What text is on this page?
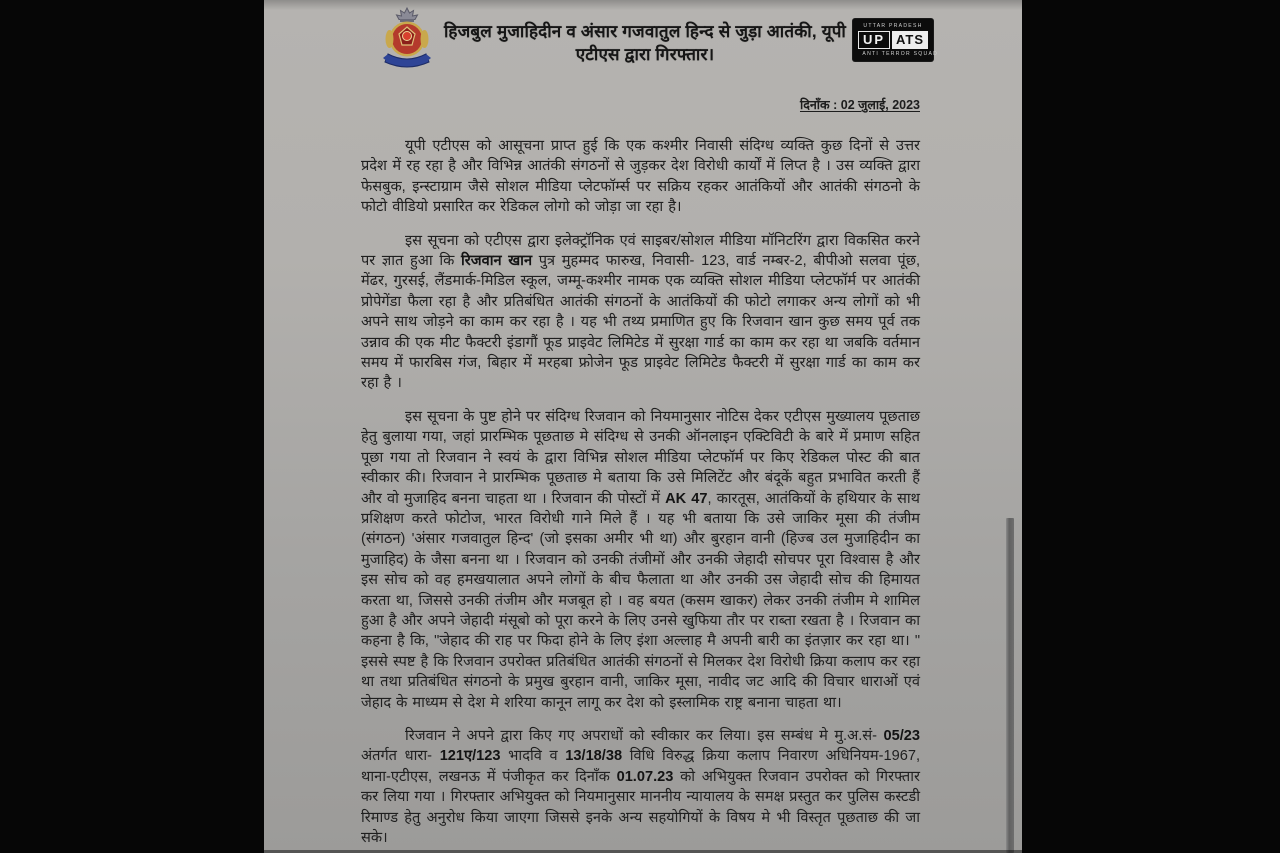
हिजबुल मुजाहिदीन व अंसार गजवातुल हिन्द से जुड़ा आतंकी, यूपी
एटीएस द्वारा गिरफ्तार।
UTTAR PRADESH
UP ATS
ANTI TERROR SQUAD
दिनाँक : 02 जुलाई, 2023

यूपी एटीएस को आसूचना प्राप्त हुई कि एक कश्मीर निवासी संदिग्ध व्यक्ति कुछ दिनों से उत्तर प्रदेश में रह रहा है और विभिन्न आतंकी संगठनों से जुड़कर देश विरोधी कार्यों में लिप्त है । उस व्यक्ति द्वारा फेसबुक, इन्स्टाग्राम जैसे सोशल मीडिया प्लेटफॉर्म्स पर सक्रिय रहकर आतंकियों और आतंकी संगठनो के फोटो वीडियो प्रसारित कर रेडिकल लोगो को जोड़ा जा रहा है।

इस सूचना को एटीएस द्वारा इलेक्ट्रॉनिक एवं साइबर/सोशल मीडिया मॉनिटरिंग द्वारा विकसित करने पर ज्ञात हुआ कि रिजवान खान पुत्र मुहम्मद फारुख, निवासी- 123, वार्ड नम्बर-2, बीपीओ सलवा पूंछ, मेंढर, गुरसई, लैंडमार्क-मिडिल स्कूल, जम्मू-कश्मीर नामक एक व्यक्ति सोशल मीडिया प्लेटफॉर्म पर आतंकी प्रोपेगेंडा फैला रहा है और प्रतिबंधित आतंकी संगठनों के आतंकियों की फोटो लगाकर अन्य लोगों को भी अपने साथ जोड़ने का काम कर रहा है । यह भी तथ्य प्रमाणित हुए कि रिजवान खान कुछ समय पूर्व तक उन्नाव की एक मीट फैक्टरी इंडागौं फूड प्राइवेट लिमिटेड में सुरक्षा गार्ड का काम कर रहा था जबकि वर्तमान समय में फारबिस गंज, बिहार में मरहबा फ्रोजेन फूड प्राइवेट लिमिटेड फैक्टरी में सुरक्षा गार्ड का काम कर रहा है ।

इस सूचना के पुष्ट होने पर संदिग्ध रिजवान को नियमानुसार नोटिस देकर एटीएस मुख्यालय पूछताछ हेतु बुलाया गया, जहां प्रारम्भिक पूछताछ मे संदिग्ध से उनकी ऑनलाइन एक्टिविटी के बारे में प्रमाण सहित पूछा गया तो रिजवान ने स्वयं के द्वारा विभिन्न सोशल मीडिया प्लेटफॉर्म पर किए रेडिकल पोस्ट की बात स्वीकार की। रिजवान ने प्रारम्भिक पूछताछ मे बताया कि उसे मिलिटेंट और बंदूकें बहुत प्रभावित करती हैं और वो मुजाहिद बनना चाहता था । रिजवान की पोस्टों में AK 47, कारतूस, आतंकियों के हथियार के साथ प्रशिक्षण करते फोटोज, भारत विरोधी गाने मिले हैं । यह भी बताया कि उसे जाकिर मूसा की तंजीम (संगठन) 'अंसार गजवातुल हिन्द' (जो इसका अमीर भी था) और बुरहान वानी (हिज्ब उल मुजाहिदीन का मुजाहिद) के जैसा बनना था । रिजवान को उनकी तंजीमों और उनकी जेहादी सोचपर पूरा विश्वास है और इस सोच को वह हमखयालात अपने लोगों के बीच फैलाता था और उनकी उस जेहादी सोच की हिमायत करता था, जिससे उनकी तंजीम और मजबूत हो । वह बयत (कसम खाकर) लेकर उनकी तंजीम मे शामिल हुआ है और अपने जेहादी मंसूबो को पूरा करने के लिए उनसे खुफिया तौर पर राब्ता रखता है । रिजवान का कहना है कि, "जेहाद की राह पर फिदा होने के लिए इंशा अल्लाह मै अपनी बारी का इंतज़ार कर रहा था। " इससे स्पष्ट है कि रिजवान उपरोक्त प्रतिबंधित आतंकी संगठनों से मिलकर देश विरोधी क्रिया कलाप कर रहा था तथा प्रतिबंधित संगठनो के प्रमुख बुरहान वानी, जाकिर मूसा, नावीद जट आदि की विचार धाराओं एवं जेहाद के माध्यम से देश मे शरिया कानून लागू कर देश को इस्लामिक राष्ट्र बनाना चाहता था।

रिजवान ने अपने द्वारा किए गए अपराधों को स्वीकार कर लिया। इस सम्बंध मे मु.अ.सं- 05/23 अंतर्गत धारा- 121ए/123 भादवि व 13/18/38 विधि विरुद्ध क्रिया कलाप निवारण अधिनियम-1967, थाना-एटीएस, लखनऊ में पंजीकृत कर दिनाँक 01.07.23 को अभियुक्त रिजवान उपरोक्त को गिरफ्तार कर लिया गया । गिरफ्तार अभियुक्त को नियमानुसार माननीय न्यायालय के समक्ष प्रस्तुत कर पुलिस कस्टडी रिमाण्ड हेतु अनुरोध किया जाएगा जिससे इनके अन्य सहयोगियों के विषय मे भी विस्तृत पूछताछ की जा सके।
